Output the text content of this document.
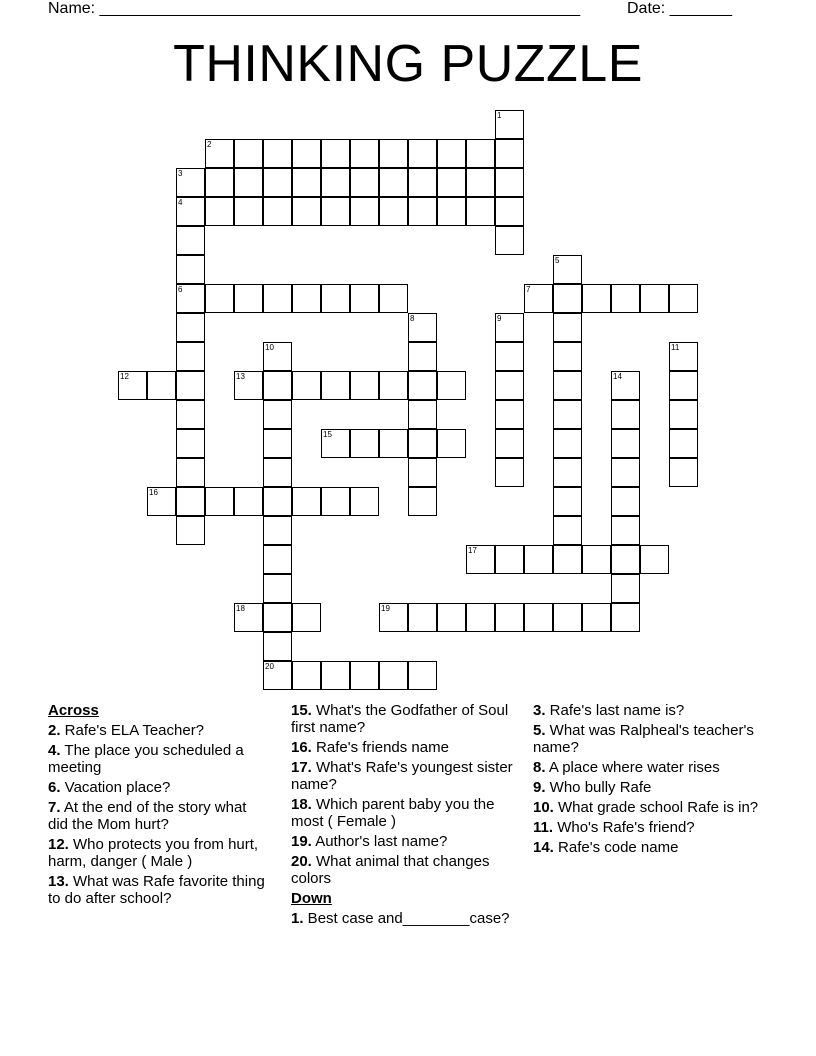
Name: ______________________________________________________	Date: _______
THINKING PUZZLE
1
2
3
4
6
5
7
8	9
10
20
11
12	13	14
15
16
17
18	19
Across
2. Rafe's ELA Teacher?
4. The place you scheduled a meeting
6. Vacation place?
7. At the end of the story what did the Mom hurt?
12. Who protects you from hurt, harm, danger ( Male )
13. What was Rafe favorite thing to do after school?
15. What's the Godfather of Soul first name?
16. Rafe's friends name
17. What's Rafe's youngest sister name?
18. Which parent baby you the most ( Female )
19. Author's last name?
20. What animal that changes colors
Down
1. Best case and________case?
3. Rafe's last name is?
5. What was Ralpheal's teacher's name?
8. A place where water rises
9. Who bully Rafe
10. What grade school Rafe is in?
11. Who's Rafe's friend?
14. Rafe's code name
